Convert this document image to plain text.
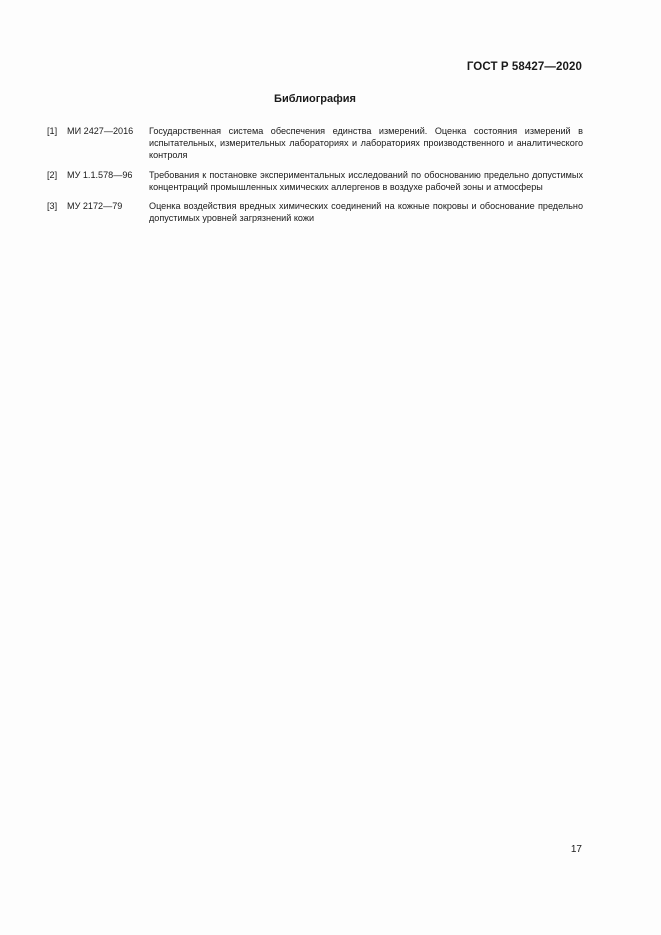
ГОСТ Р 58427—2020
Библиография
[1]	МИ 2427—2016	Государственная система обеспечения единства измерений. Оценка состояния измерений в испытательных, измерительных лабораториях и лабораториях производственного и аналитического контроля
[2]	МУ 1.1.578—96	Требования к постановке экспериментальных исследований по обоснованию предельно допустимых концентраций промышленных химических аллергенов в воздухе рабочей зоны и атмосферы
[3]	МУ 2172—79	Оценка воздействия вредных химических соединений на кожные покровы и обоснование предельно допустимых уровней загрязнений кожи
17
